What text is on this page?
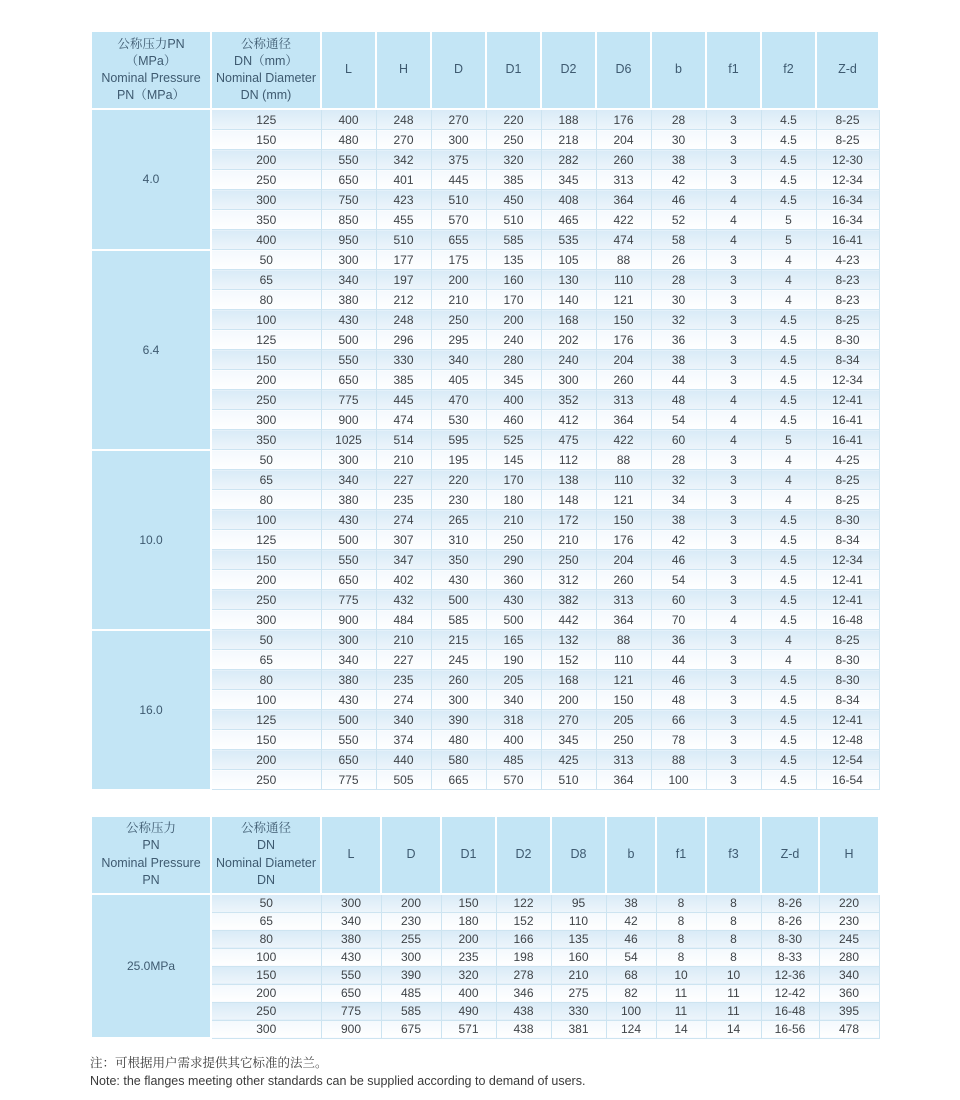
公称压力PN
（MPa）
Nominal Pressure
PN（MPa）	公称通径
DN（mm）
Nominal Diameter
DN (mm)	L	H	D	D1	D2	D6	b	f1	f2	Z-d
4.0	125	400	248	270	220	188	176	28	3	4.5	8-25
	150	480	270	300	250	218	204	30	3	4.5	8-25
	200	550	342	375	320	282	260	38	3	4.5	12-30
	250	650	401	445	385	345	313	42	3	4.5	12-34
	300	750	423	510	450	408	364	46	4	4.5	16-34
	350	850	455	570	510	465	422	52	4	5	16-34
	400	950	510	655	585	535	474	58	4	5	16-41
6.4	50	300	177	175	135	105	88	26	3	4	4-23
	65	340	197	200	160	130	110	28	3	4	8-23
	80	380	212	210	170	140	121	30	3	4	8-23
	100	430	248	250	200	168	150	32	3	4.5	8-25
	125	500	296	295	240	202	176	36	3	4.5	8-30
	150	550	330	340	280	240	204	38	3	4.5	8-34
	200	650	385	405	345	300	260	44	3	4.5	12-34
	250	775	445	470	400	352	313	48	4	4.5	12-41
	300	900	474	530	460	412	364	54	4	4.5	16-41
	350	1025	514	595	525	475	422	60	4	5	16-41
10.0	50	300	210	195	145	112	88	28	3	4	4-25
	65	340	227	220	170	138	110	32	3	4	8-25
	80	380	235	230	180	148	121	34	3	4	8-25
	100	430	274	265	210	172	150	38	3	4.5	8-30
	125	500	307	310	250	210	176	42	3	4.5	8-34
	150	550	347	350	290	250	204	46	3	4.5	12-34
	200	650	402	430	360	312	260	54	3	4.5	12-41
	250	775	432	500	430	382	313	60	3	4.5	12-41
	300	900	484	585	500	442	364	70	4	4.5	16-48
16.0	50	300	210	215	165	132	88	36	3	4	8-25
	65	340	227	245	190	152	110	44	3	4	8-30
	80	380	235	260	205	168	121	46	3	4.5	8-30
	100	430	274	300	340	200	150	48	3	4.5	8-34
	125	500	340	390	318	270	205	66	3	4.5	12-41
	150	550	374	480	400	345	250	78	3	4.5	12-48
	200	650	440	580	485	425	313	88	3	4.5	12-54
	250	775	505	665	570	510	364	100	3	4.5	16-54
公称压力
PN
Nominal Pressure
PN	公称通径
DN
Nominal Diameter
DN	L	D	D1	D2	D8	b	f1	f3	Z-d	H
25.0MPa	50	300	200	150	122	95	38	8	8	8-26	220
	65	340	230	180	152	110	42	8	8	8-26	230
	80	380	255	200	166	135	46	8	8	8-30	245
	100	430	300	235	198	160	54	8	8	8-33	280
	150	550	390	320	278	210	68	10	10	12-36	340
	200	650	485	400	346	275	82	11	11	12-42	360
	250	775	585	490	438	330	100	11	11	16-48	395
	300	900	675	571	438	381	124	14	14	16-56	478
注：可根据用户需求提供其它标准的法兰。
Note: the flanges meeting other standards can be supplied according to demand of users.
